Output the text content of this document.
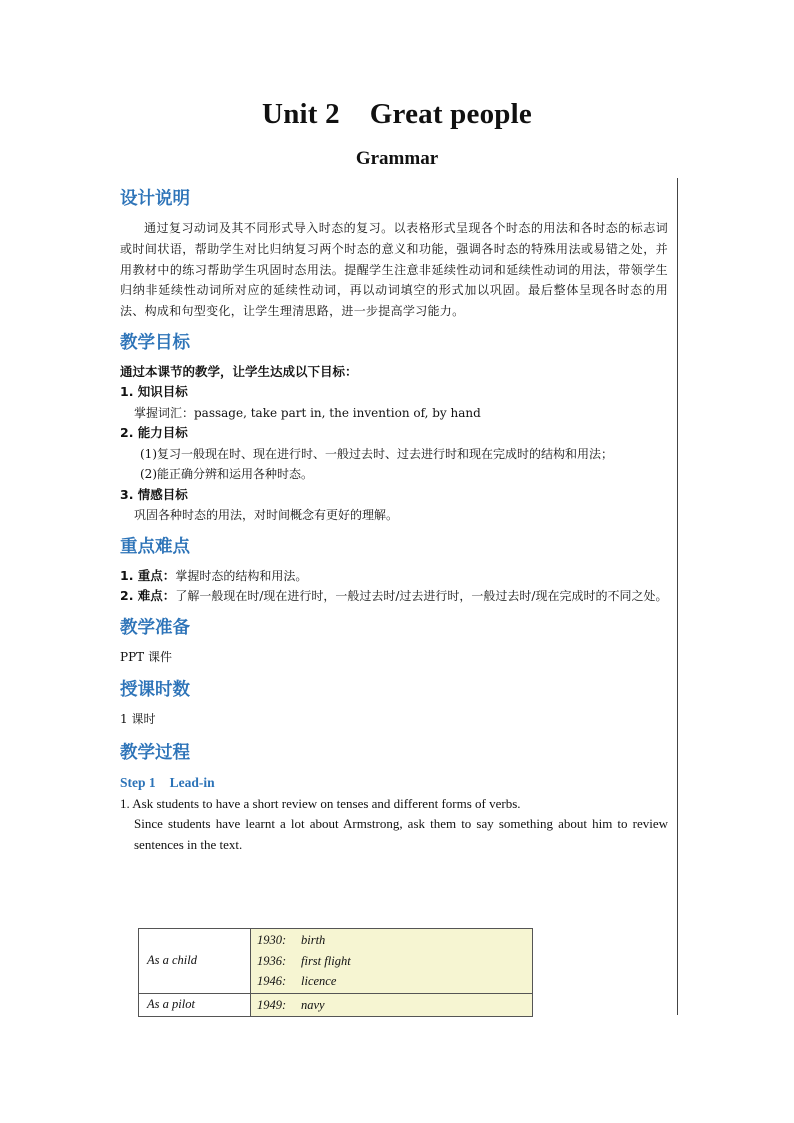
Unit 2 Great people
Grammar
设计说明

通过复习动词及其不同形式导入时态的复习。以表格形式呈现各个时态的用法和各时态的标志词或时间状语，帮助学生对比归纳复习两个时态的意义和功能，强调各时态的特殊用法或易错之处，并用教材中的练习帮助学生巩固时态用法。提醒学生注意非延续性动词和延续性动词的用法，带领学生归纳非延续性动词所对应的延续性动词，再以动词填空的形式加以巩固。最后整体呈现各时态的用法、构成和句型变化，让学生理清思路，进一步提高学习能力。

教学目标

通过本课节的教学，让学生达成以下目标：

1. 知识目标

掌握词汇：passage, take part in, the invention of, by hand

2. 能力目标

(1)复习一般现在时、现在进行时、一般过去时、过去进行时和现在完成时的结构和用法；

(2)能正确分辨和运用各种时态。

3. 情感目标

巩固各种时态的用法，对时间概念有更好的理解。

重点难点

1. 重点：掌握时态的结构和用法。

2. 难点：了解一般现在时/现在进行时，一般过去时/过去进行时，一般过去时/现在完成时的不同之处。

教学准备

PPT 课件

授课时数

1 课时

教学过程

Step 1 Lead-in

1. Ask students to have a short review on tenses and different forms of verbs.

Since students have learnt a lot about Armstrong, ask them to say something about him to review sentences in the text.

As a child	1930: birth
1936: first flight
1946: licence

As a pilot	1949: navy
